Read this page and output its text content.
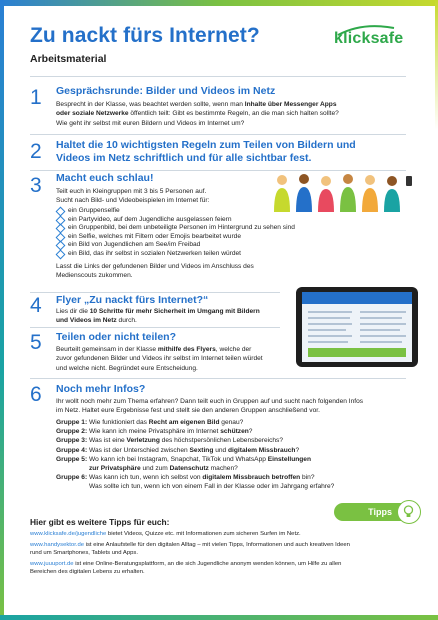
Zu nackt fürs Internet?
Arbeitsmaterial
klicksafe
1 Gesprächsrunde: Bilder und Videos im Netz
Besprecht in der Klasse, was beachtet werden sollte, wenn man Inhalte über Messenger Apps
oder soziale Netzwerke öffentlich teilt: Gibt es bestimmte Regeln, an die man sich halten sollte?
Wie geht ihr selbst mit euren Bildern und Videos im Internet um?
2 Haltet die 10 wichtigsten Regeln zum Teilen von Bildern und
Videos im Netz schriftlich und für alle sichtbar fest.
3 Macht euch schlau!
Teilt euch in Kleingruppen mit 3 bis 5 Personen auf.
Sucht nach Bild- und Videobeispielen im Internet für:
ein Gruppenselfie
ein Partyvideo, auf dem Jugendliche ausgelassen feiern
ein Gruppenbild, bei dem unbeteiligte Personen im Hintergrund zu sehen sind
ein Selfie, welches mit Filtern oder Emojis bearbeitet wurde
ein Bild von Jugendlichen am See/im Freibad
ein Bild, das ihr selbst in sozialen Netzwerken teilen würdet
Lasst die Links der gefundenen Bilder und Videos im Anschluss des
Medienscouts zukommen.
4 Flyer „Zu nackt fürs Internet?“
Lies dir die 10 Schritte für mehr Sicherheit im Umgang mit Bildern
und Videos im Netz durch.
5 Teilen oder nicht teilen?
Beurteilt gemeinsam in der Klasse mithilfe des Flyers, welche der
zuvor gefundenen Bilder und Videos ihr selbst im Internet teilen würdet
und welche nicht. Begründet eure Entscheidung.
6 Noch mehr Infos?
Ihr wollt noch mehr zum Thema erfahren? Dann teilt euch in Gruppen auf und sucht nach folgenden Infos
im Netz. Haltet eure Ergebnisse fest und stellt sie den anderen Gruppen anschließend vor.
Gruppe 1: Wie funktioniert das Recht am eigenen Bild genau?
Gruppe 2: Wie kann ich meine Privatsphäre im Internet schützen?
Gruppe 3: Was ist eine Verletzung des höchstpersönlichen Lebensbereichs?
Gruppe 4: Was ist der Unterschied zwischen Sexting und digitalem Missbrauch?
Gruppe 5: Wo kann ich bei Instagram, Snapchat, TikTok und WhatsApp Einstellungen
zur Privatsphäre und zum Datenschutz machen?
Gruppe 6: Was kann ich tun, wenn ich selbst von digitalem Missbrauch betroffen bin?
Was sollte ich tun, wenn ich von einem Fall in der Klasse oder im Jahrgang erfahre?
Tipps
Hier gibt es weitere Tipps für euch:
www.klicksafe.de/jugendliche bietet Videos, Quizze etc. mit Informationen zum sicheren Surfen im Netz.
www.handysektor.de ist eine Anlaufstelle für den digitalen Alltag – mit vielen Tipps, Informationen und auch kreativen Ideen
rund um Smartphones, Tablets und Apps.
www.juuuport.de ist eine Online-Beratungsplattform, an die sich Jugendliche anonym wenden können, um Hilfe zu allen
Bereichen des digitalen Lebens zu erhalten.
